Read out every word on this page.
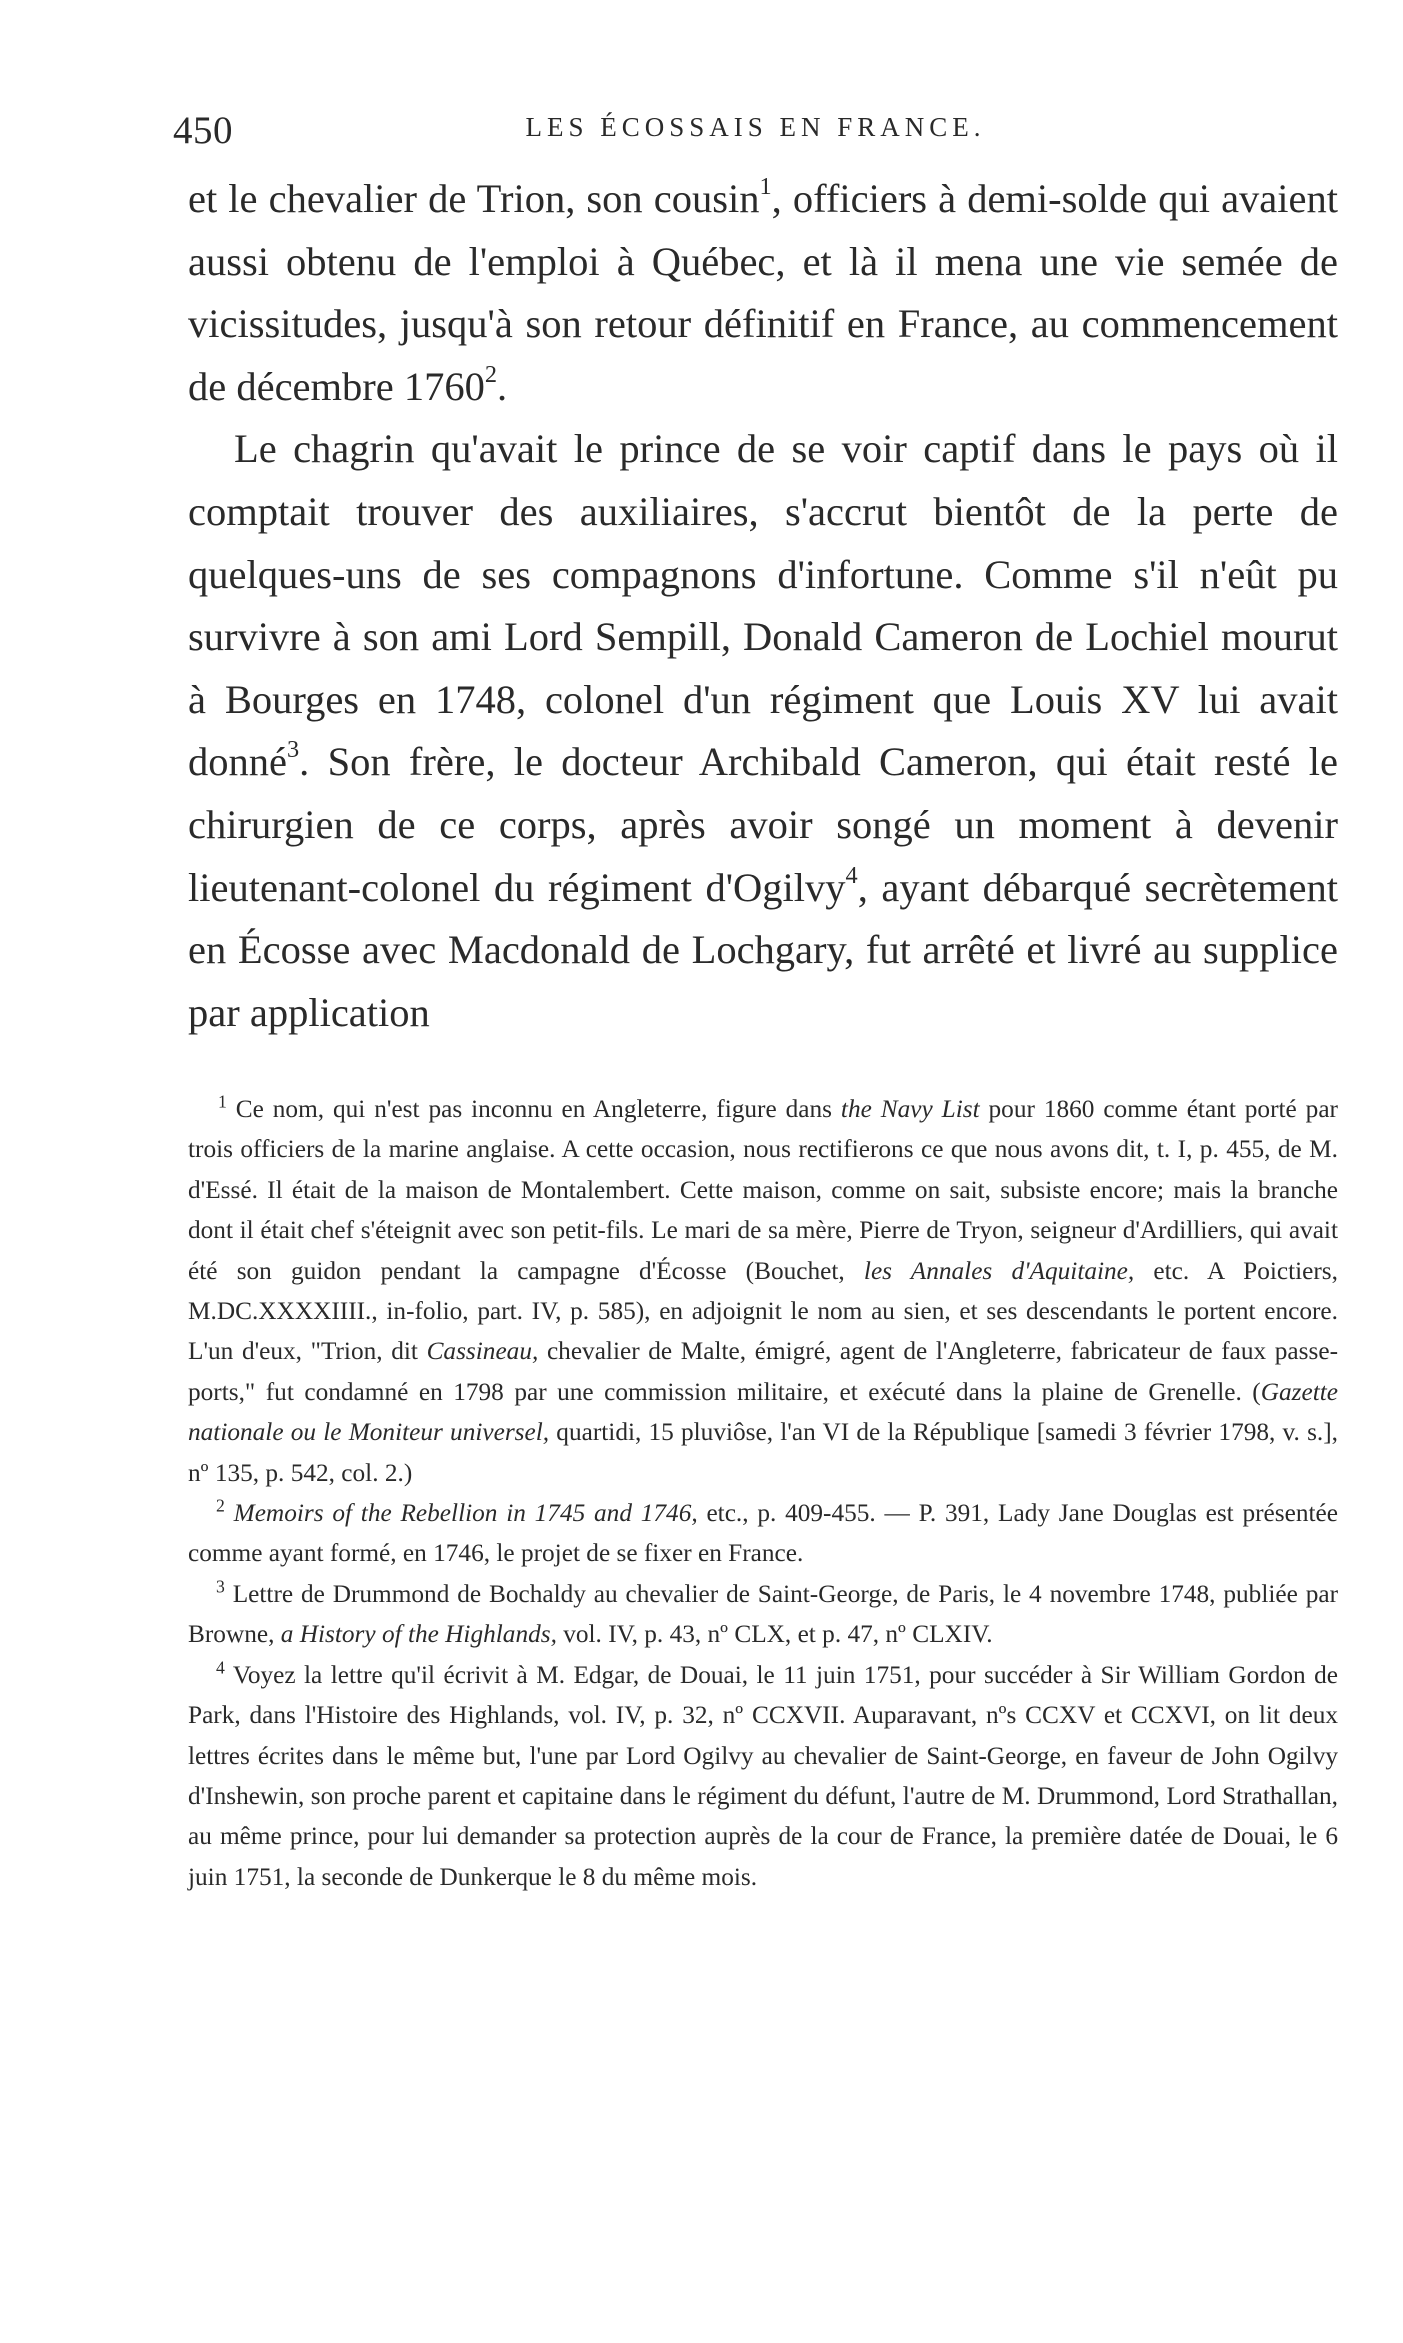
450	LES ÉCOSSAIS EN FRANCE.

et le chevalier de Trion, son cousin$^1$, officiers à demi-solde qui avaient aussi obtenu de l'emploi à Québec, et là il mena une vie semée de vicissitudes, jusqu'à son retour définitif en France, au commencement de décembre 1760$^2$.

Le chagrin qu'avait le prince de se voir captif dans le pays où il comptait trouver des auxiliaires, s'accrut bientôt de la perte de quelques-uns de ses compagnons d'infortune. Comme s'il n'eût pu survivre à son ami Lord Sempill, Donald Cameron de Lochiel mourut à Bourges en 1748, colonel d'un régiment que Louis XV lui avait donné$^3$. Son frère, le docteur Archibald Cameron, qui était resté le chirurgien de ce corps, après avoir songé un moment à devenir lieutenant-colonel du régiment d'Ogilvy$^4$, ayant débarqué secrètement en Écosse avec Macdonald de Lochgary, fut arrêté et livré au supplice par application

$^1$ Ce nom, qui n'est pas inconnu en Angleterre, figure dans the Navy List pour 1860 comme étant porté par trois officiers de la marine anglaise. A cette occasion, nous rectifierons ce que nous avons dit, t. I, p. 455, de M. d'Essé. Il était de la maison de Montalembert. Cette maison, comme on sait, subsiste encore; mais la branche dont il était chef s'éteignit avec son petit-fils. Le mari de sa mère, Pierre de Tryon, seigneur d'Ardilliers, qui avait été son guidon pendant la campagne d'Écosse (Bouchet, les Annales d'Aquitaine, etc. A Poictiers, M.DC.XXXXIIII., in-folio, part. IV, p. 585), en adjoignit le nom au sien, et ses descendants le portent encore. L'un d'eux, "Trion, dit Cassineau, chevalier de Malte, émigré, agent de l'Angleterre, fabricateur de faux passe-ports," fut condamné en 1798 par une commission militaire, et exécuté dans la plaine de Grenelle. (Gazette nationale ou le Moniteur universel, quartidi, 15 pluviôse, l'an VI de la République [samedi 3 février 1798, v. s.], nº 135, p. 542, col. 2.)

$^2$ Memoirs of the Rebellion in 1745 and 1746, etc., p. 409-455. — P. 391, Lady Jane Douglas est présentée comme ayant formé, en 1746, le projet de se fixer en France.

$^3$ Lettre de Drummond de Bochaldy au chevalier de Saint-George, de Paris, le 4 novembre 1748, publiée par Browne, a History of the Highlands, vol. IV, p. 43, nº CLX, et p. 47, nº CLXIV.

$^4$ Voyez la lettre qu'il écrivit à M. Edgar, de Douai, le 11 juin 1751, pour succéder à Sir William Gordon de Park, dans l'Histoire des Highlands, vol. IV, p. 32, nº CCXVII. Auparavant, nºs CCXV et CCXVI, on lit deux lettres écrites dans le même but, l'une par Lord Ogilvy au chevalier de Saint-George, en faveur de John Ogilvy d'Inshewin, son proche parent et capitaine dans le régiment du défunt, l'autre de M. Drummond, Lord Strathallan, au même prince, pour lui demander sa protection auprès de la cour de France, la première datée de Douai, le 6 juin 1751, la seconde de Dunkerque le 8 du même mois.
